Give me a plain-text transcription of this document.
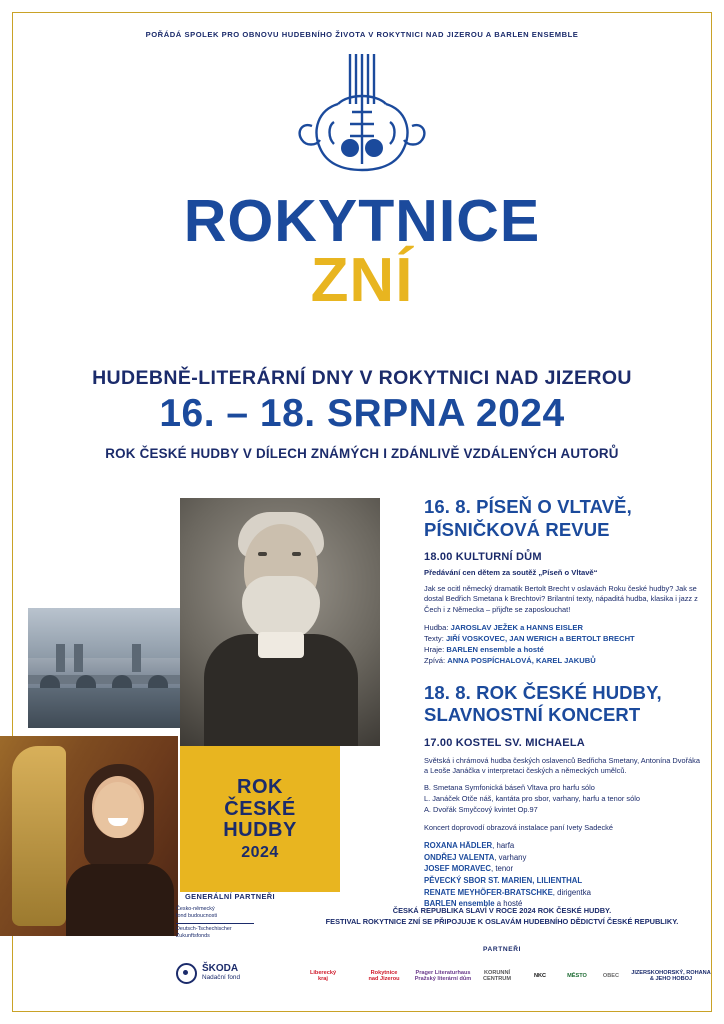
POŘÁDÁ SPOLEK PRO OBNOVU HUDEBNÍHO ŽIVOTA V ROKYTNICI NAD JIZEROU A BARLEN ENSEMBLE
ROKYTNICE
ZNÍ
HUDEBNĚ-LITERÁRNÍ DNY V ROKYTNICI NAD JIZEROU
16. – 18. SRPNA 2024
ROK ČESKÉ HUDBY V DÍLECH ZNÁMÝCH I ZDÁNLIVĚ VZDÁLENÝCH AUTORŮ
ROK
ČESKÉ
HUDBY
2024
16. 8. PÍSEŇ O VLTAVĚ,
PÍSNIČKOVÁ REVUE
18.00 KULTURNÍ DŮM
Předávání cen dětem za soutěž „Píseň o Vltavě“
Jak se ocitl německý dramatik Bertolt Brecht v oslavách Roku české hudby? Jak se dostal Bedřich Smetana k Brechtovi? Brilantní texty, nápaditá hudba, klasika i jazz z Čech i z Německa – přijďte se zaposlouchat!
Hudba: JAROSLAV JEŽEK a HANNS EISLER
Texty: JIŘÍ VOSKOVEC, JAN WERICH a BERTOLT BRECHT
Hraje: BARLEN ensemble a hosté
Zpívá: ANNA POSPÍCHALOVÁ, KAREL JAKUBŮ
18. 8. ROK ČESKÉ HUDBY,
SLAVNOSTNÍ KONCERT
17.00 KOSTEL SV. MICHAELA
Světská i chrámová hudba českých oslavenců Bedřicha Smetany, Antonína Dvořáka a Leoše Janáčka v interpretaci českých a německých umělců.
B. Smetana Symfonická báseň Vltava pro harfu sólo
L. Janáček Otče náš, kantáta pro sbor, varhany, harfu a tenor sólo
A. Dvořák Smyčcový kvintet Op.97
Koncert doprovodí obrazová instalace paní Ivety Sadecké
ROXANA HÄDLER, harfa
ONDŘEJ VALENTA, varhany
JOSEF MORAVEC, tenor
PĚVECKÝ SBOR ST. MARIEN, LILIENTHAL
RENATE MEYHÖFER-BRATSCHKE, dirigentka
BARLEN ensemble a hosté
GENERÁLNÍ PARTNEŘI
Česko-německý
fond budoucnosti
Deutsch-Tschechischer
Zukunftsfonds
ŠKODA
Nadační fond
ČESKÁ REPUBLIKA SLAVÍ V ROCE 2024 ROK ČESKÉ HUDBY.
FESTIVAL ROKYTNICE ZNÍ SE PŘIPOJUJE K OSLAVÁM HUDEBNÍHO DĚDICTVÍ ČESKÉ REPUBLIKY.
PARTNEŘI
Liberecký
kraj
Rokytnice
nad Jizerou
Prager Literaturhaus
Pražský literární dům
KORUNNÍ
CENTRUM
NKC	MĚSTO	OBEC
JIZERSKOHORSKÝ, ROHANA
& JEHO HOBOJ
